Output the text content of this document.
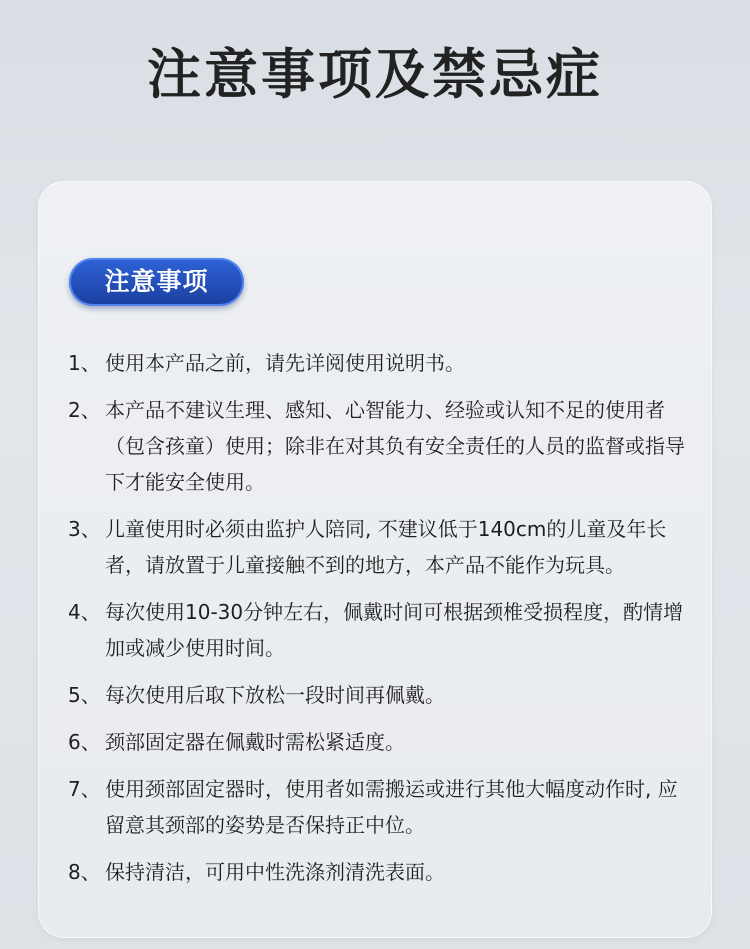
注意事项及禁忌症
注意事项
1、 使用本产品之前，请先详阅使用说明书。
2、 本产品不建议生理、感知、心智能力、经验或认知不足的使用者（包含孩童）使用；除非在对其负有安全责任的人员的监督或指导下才能安全使用。
3、 儿童使用时必须由监护人陪同, 不建议低于140cm的儿童及年长者，请放置于儿童接触不到的地方，本产品不能作为玩具。
4、 每次使用10-30分钟左右，佩戴时间可根据颈椎受损程度，酌情增加或减少使用时间。
5、 每次使用后取下放松一段时间再佩戴。
6、 颈部固定器在佩戴时需松紧适度。
7、 使用颈部固定器时，使用者如需搬运或进行其他大幅度动作时, 应留意其颈部的姿势是否保持正中位。
8、 保持清洁，可用中性洗涤剂清洗表面。
